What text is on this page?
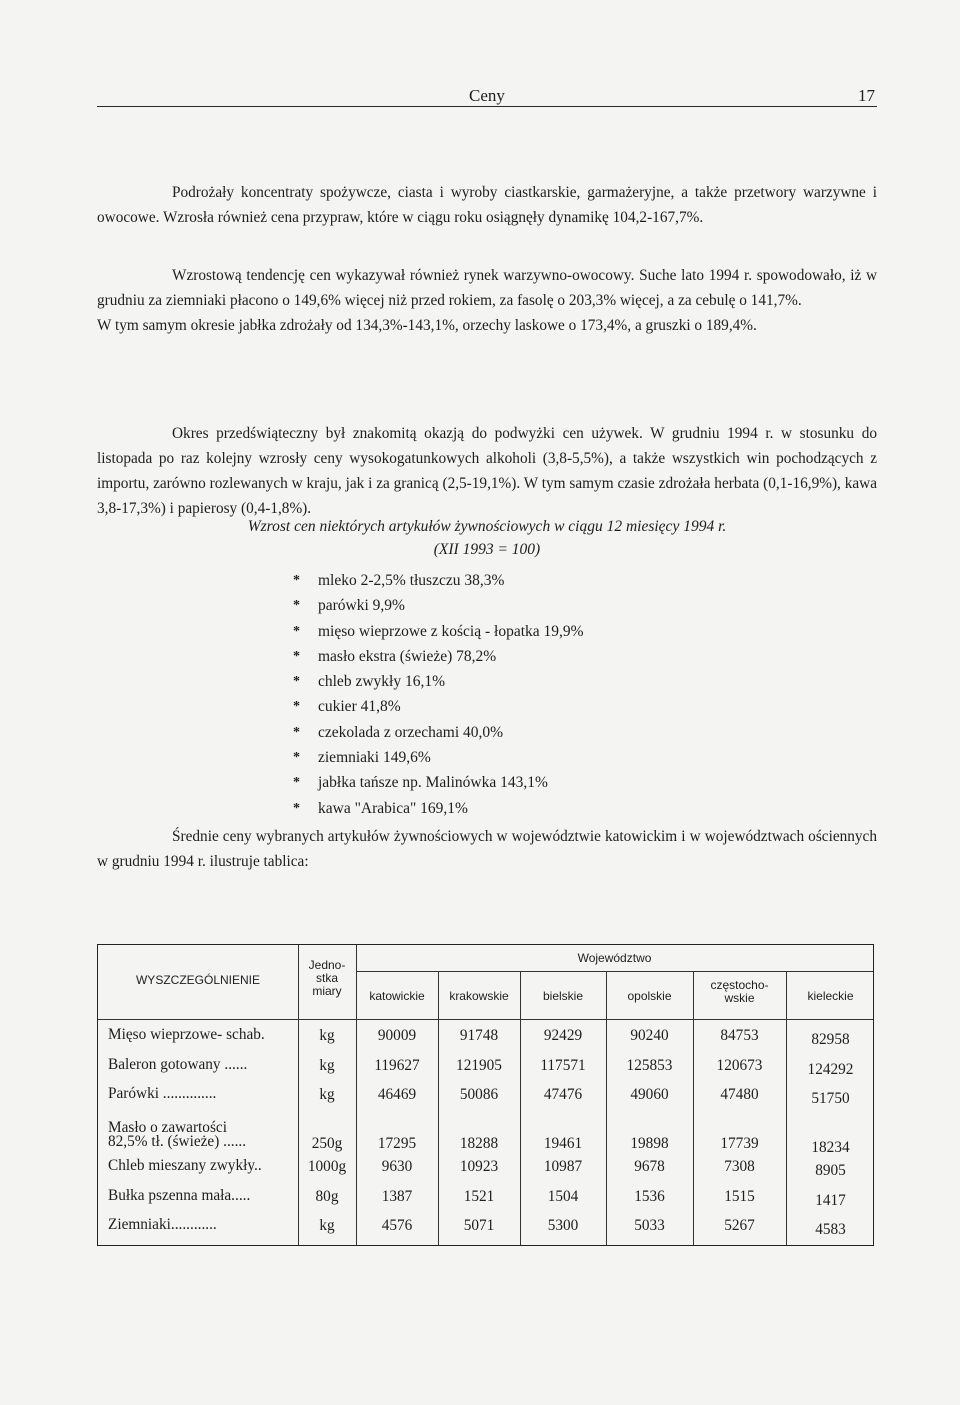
Ceny	17

Podrożały koncentraty spożywcze, ciasta i wyroby ciastkarskie, garmażeryjne, a także przetwory warzywne i owocowe. Wzrosła również cena przypraw, które w ciągu roku osiągnęły dynamikę 104,2-167,7%.

Wzrostową tendencję cen wykazywał również rynek warzywno-owocowy. Suche lato 1994 r. spowodowało, iż w grudniu za ziemniaki płacono o 149,6% więcej niż przed rokiem, za fasolę o 203,3% więcej, a za cebulę o 141,7%.
W tym samym okresie jabłka zdrożały od 134,3%-143,1%, orzechy laskowe o 173,4%, a gruszki o 189,4%.

Okres przedświąteczny był znakomitą okazją do podwyżki cen używek. W grudniu 1994 r. w stosunku do listopada po raz kolejny wzrosły ceny wysokogatunkowych alkoholi (3,8-5,5%), a także wszystkich win pochodzących z importu, zarówno rozlewanych w kraju, jak i za granicą (2,5-19,1%). W tym samym czasie zdrożała herbata (0,1-16,9%), kawa 3,8-17,3%) i papierosy (0,4-1,8%).

Wzrost cen niektórych artykułów żywnościowych w ciągu 12 miesięcy 1994 r.
(XII 1993 = 100)
*	mleko 2-2,5% tłuszczu 38,3%
*	parówki 9,9%
*	mięso wieprzowe z kością - łopatka 19,9%
*	masło ekstra (świeże) 78,2%
*	chleb zwykły 16,1%
*	cukier 41,8%
*	czekolada z orzechami 40,0%
*	ziemniaki 149,6%
*	jabłka tańsze np. Malinówka 143,1%
*	kawa "Arabica" 169,1%

Średnie ceny wybranych artykułów żywnościowych w województwie katowickim i w województwach ościennych w grudniu 1994 r. ilustruje tablica:

WYSZCZEGÓLNIENIE
Jedno-
stka
miary
Województwo
katowickie	krakowskie	bielskie	opolskie
częstocho-
wskie	kieleckie
Mięso wieprzowe- schab.	kg	90009	91748	92429	90240	84753	82958
Baleron gotowany ......	kg	119627	121905	117571	125853	120673	124292
Parówki ..............	kg	46469	50086	47476	49060	47480	51750
Masło o zawartości
82,5% tł. (świeże) ......	250g	17295	18288	19461	19898	17739	18234
Chleb mieszany zwykły..	1000g	9630	10923	10987	9678	7308	8905
Bułka pszenna mała.....	80g	1387	1521	1504	1536	1515	1417
Ziemniaki............	kg	4576	5071	5300	5033	5267	4583
